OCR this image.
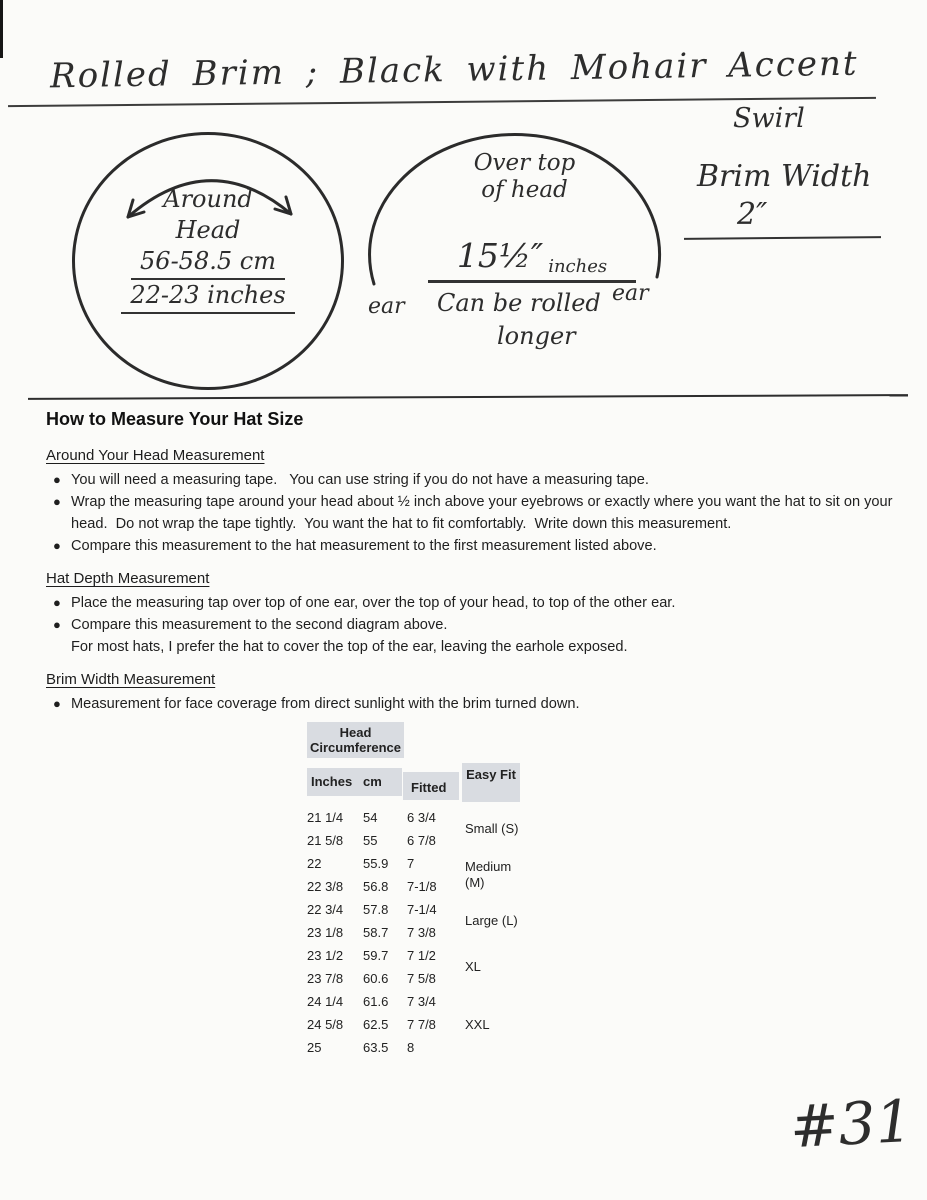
Rolled Brim ; Black with Mohair Accent
Swirl
Around
Head
56-58.5 cm
22-23 inches
Over top
of head
15½″ inches
ear
ear
Can be rolled
longer
Brim Width
2″
How to Measure Your Hat Size
Around Your Head Measurement
● You will need a measuring tape.   You can use string if you do not have a measuring tape.
● Wrap the measuring tape around your head about ½ inch above your eyebrows or exactly where you want the hat to sit on your head.  Do not wrap the tape tightly.  You want the hat to fit comfortably.  Write down this measurement.
● Compare this measurement to the hat measurement to the first measurement listed above.
Hat Depth Measurement
● Place the measuring tap over top of one ear, over the top of your head, to top of the other ear.
● Compare this measurement to the second diagram above.
For most hats, I prefer the hat to cover the top of the ear, leaving the earhole exposed.
Brim Width Measurement
● Measurement for face coverage from direct sunlight with the brim turned down.
Head Circumference
Inches cm Fitted
Easy Fit
21 1/4	54	6 3/4	Small (S)
21 5/8	55	6 7/8	
22	55.9	7	Medium (M)
22 3/8	56.8	7-1/8	
22 3/4	57.8	7-1/4	Large (L)
23 1/8	58.7	7 3/8	
23 1/2	59.7	7 1/2	XL
23 7/8	60.6	7 5/8	
24 1/4	61.6	7 3/4	
24 5/8	62.5	7 7/8	XXL
25	63.5	8	
#31
